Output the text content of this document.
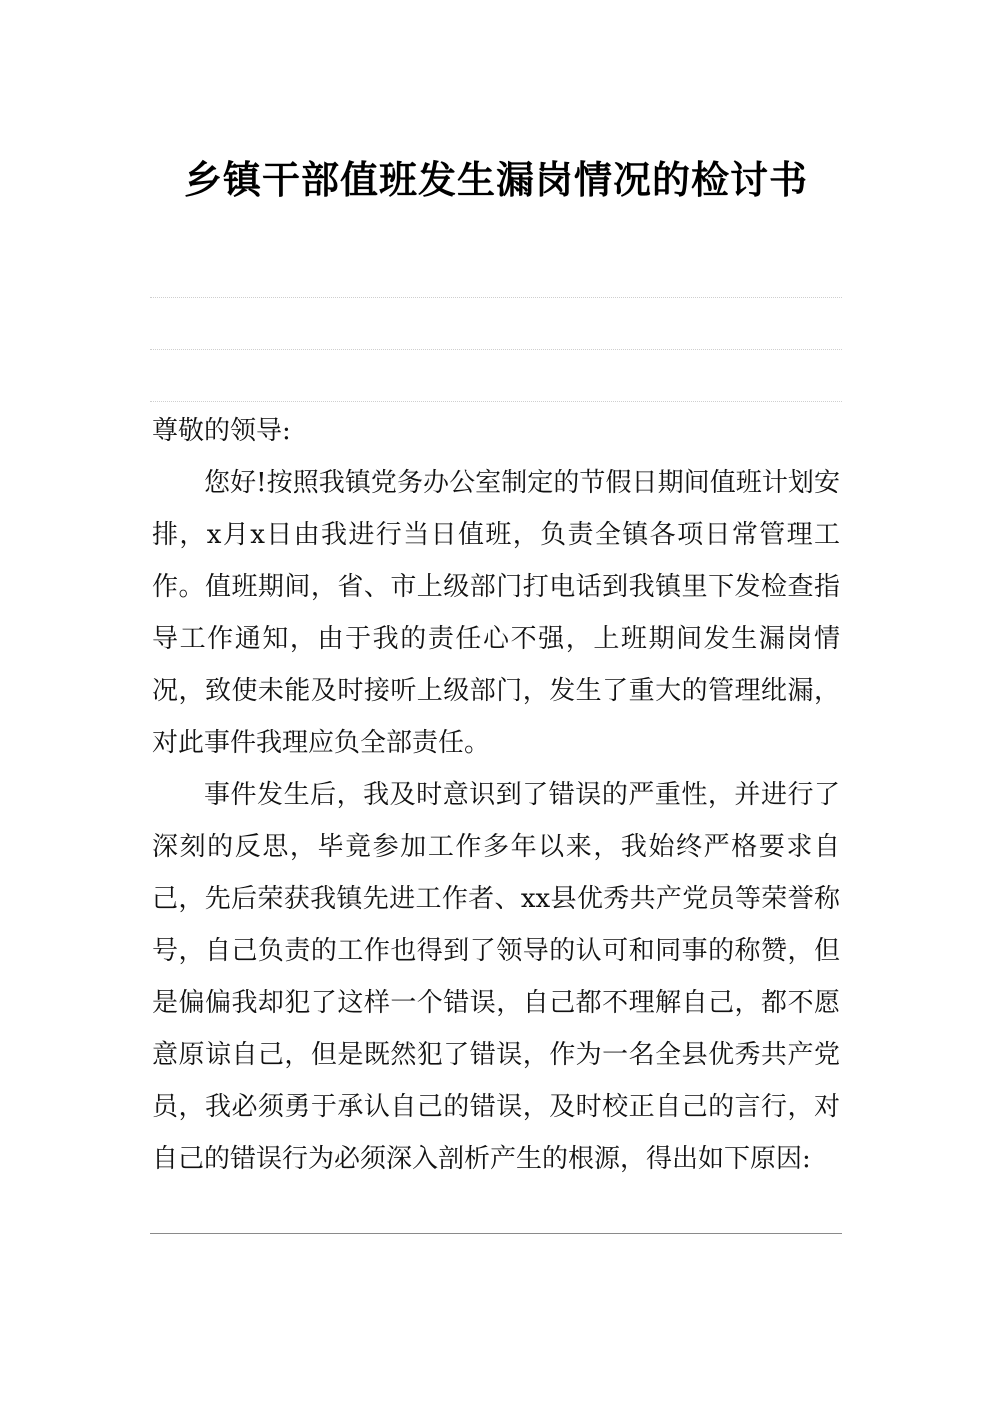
乡镇干部值班发生漏岗情况的检讨书

尊敬的领导:

您好!按照我镇党务办公室制定的节假日期间值班计划安排，x月x日由我进行当日值班，负责全镇各项日常管理工作。值班期间，省、市上级部门打电话到我镇里下发检查指导工作通知，由于我的责任心不强，上班期间发生漏岗情况，致使未能及时接听上级部门，发生了重大的管理纰漏，对此事件我理应负全部责任。

事件发生后，我及时意识到了错误的严重性，并进行了深刻的反思，毕竟参加工作多年以来，我始终严格要求自己，先后荣获我镇先进工作者、xx县优秀共产党员等荣誉称号，自己负责的工作也得到了领导的认可和同事的称赞，但是偏偏我却犯了这样一个错误，自己都不理解自己，都不愿意原谅自己，但是既然犯了错误，作为一名全县优秀共产党员，我必须勇于承认自己的错误，及时校正自己的言行，对自己的错误行为必须深入剖析产生的根源，得出如下原因:
